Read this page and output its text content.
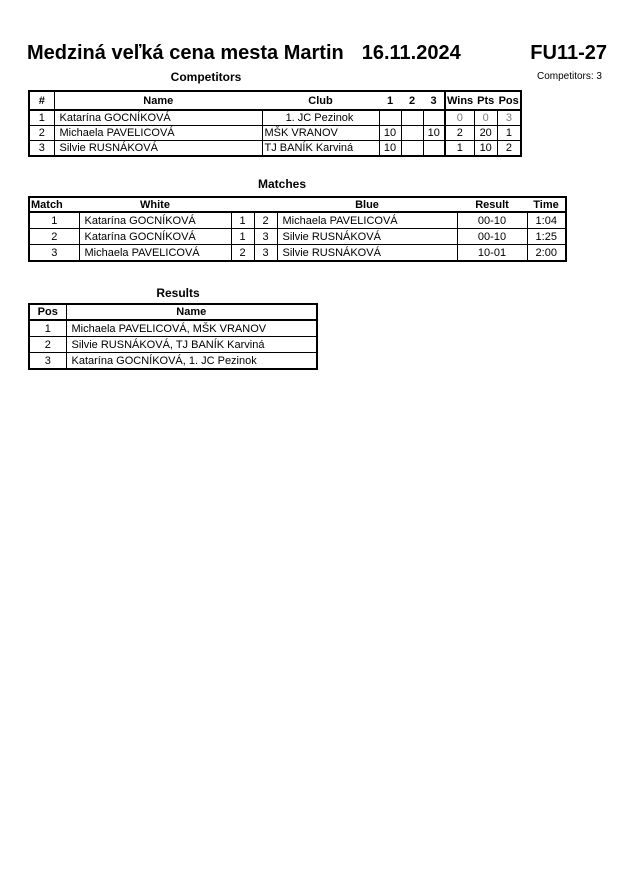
Medziná veľká cena mesta Martin 16.11.2024	FU11-27
Competitors	Competitors: 3
#	Name	Club	1	2	3	Wins	Pts	Pos
1	Katarína GOCNÍKOVÁ	1. JC Pezinok				0	0	3
2	Michaela PAVELICOVÁ	MŠK VRANOV	10		10	2	20	1
3	Silvie RUSNÁKOVÁ	TJ BANÍK Karviná	10			1	10	2
Matches
Match	White			Blue	Result	Time
1	Katarína GOCNÍKOVÁ	1	2	Michaela PAVELICOVÁ	00-10	1:04
2	Katarína GOCNÍKOVÁ	1	3	Silvie RUSNÁKOVÁ	00-10	1:25
3	Michaela PAVELICOVÁ	2	3	Silvie RUSNÁKOVÁ	10-01	2:00
Results
Pos	Name
1	Michaela PAVELICOVÁ, MŠK VRANOV
2	Silvie RUSNÁKOVÁ, TJ BANÍK Karviná
3	Katarína GOCNÍKOVÁ, 1. JC Pezinok
